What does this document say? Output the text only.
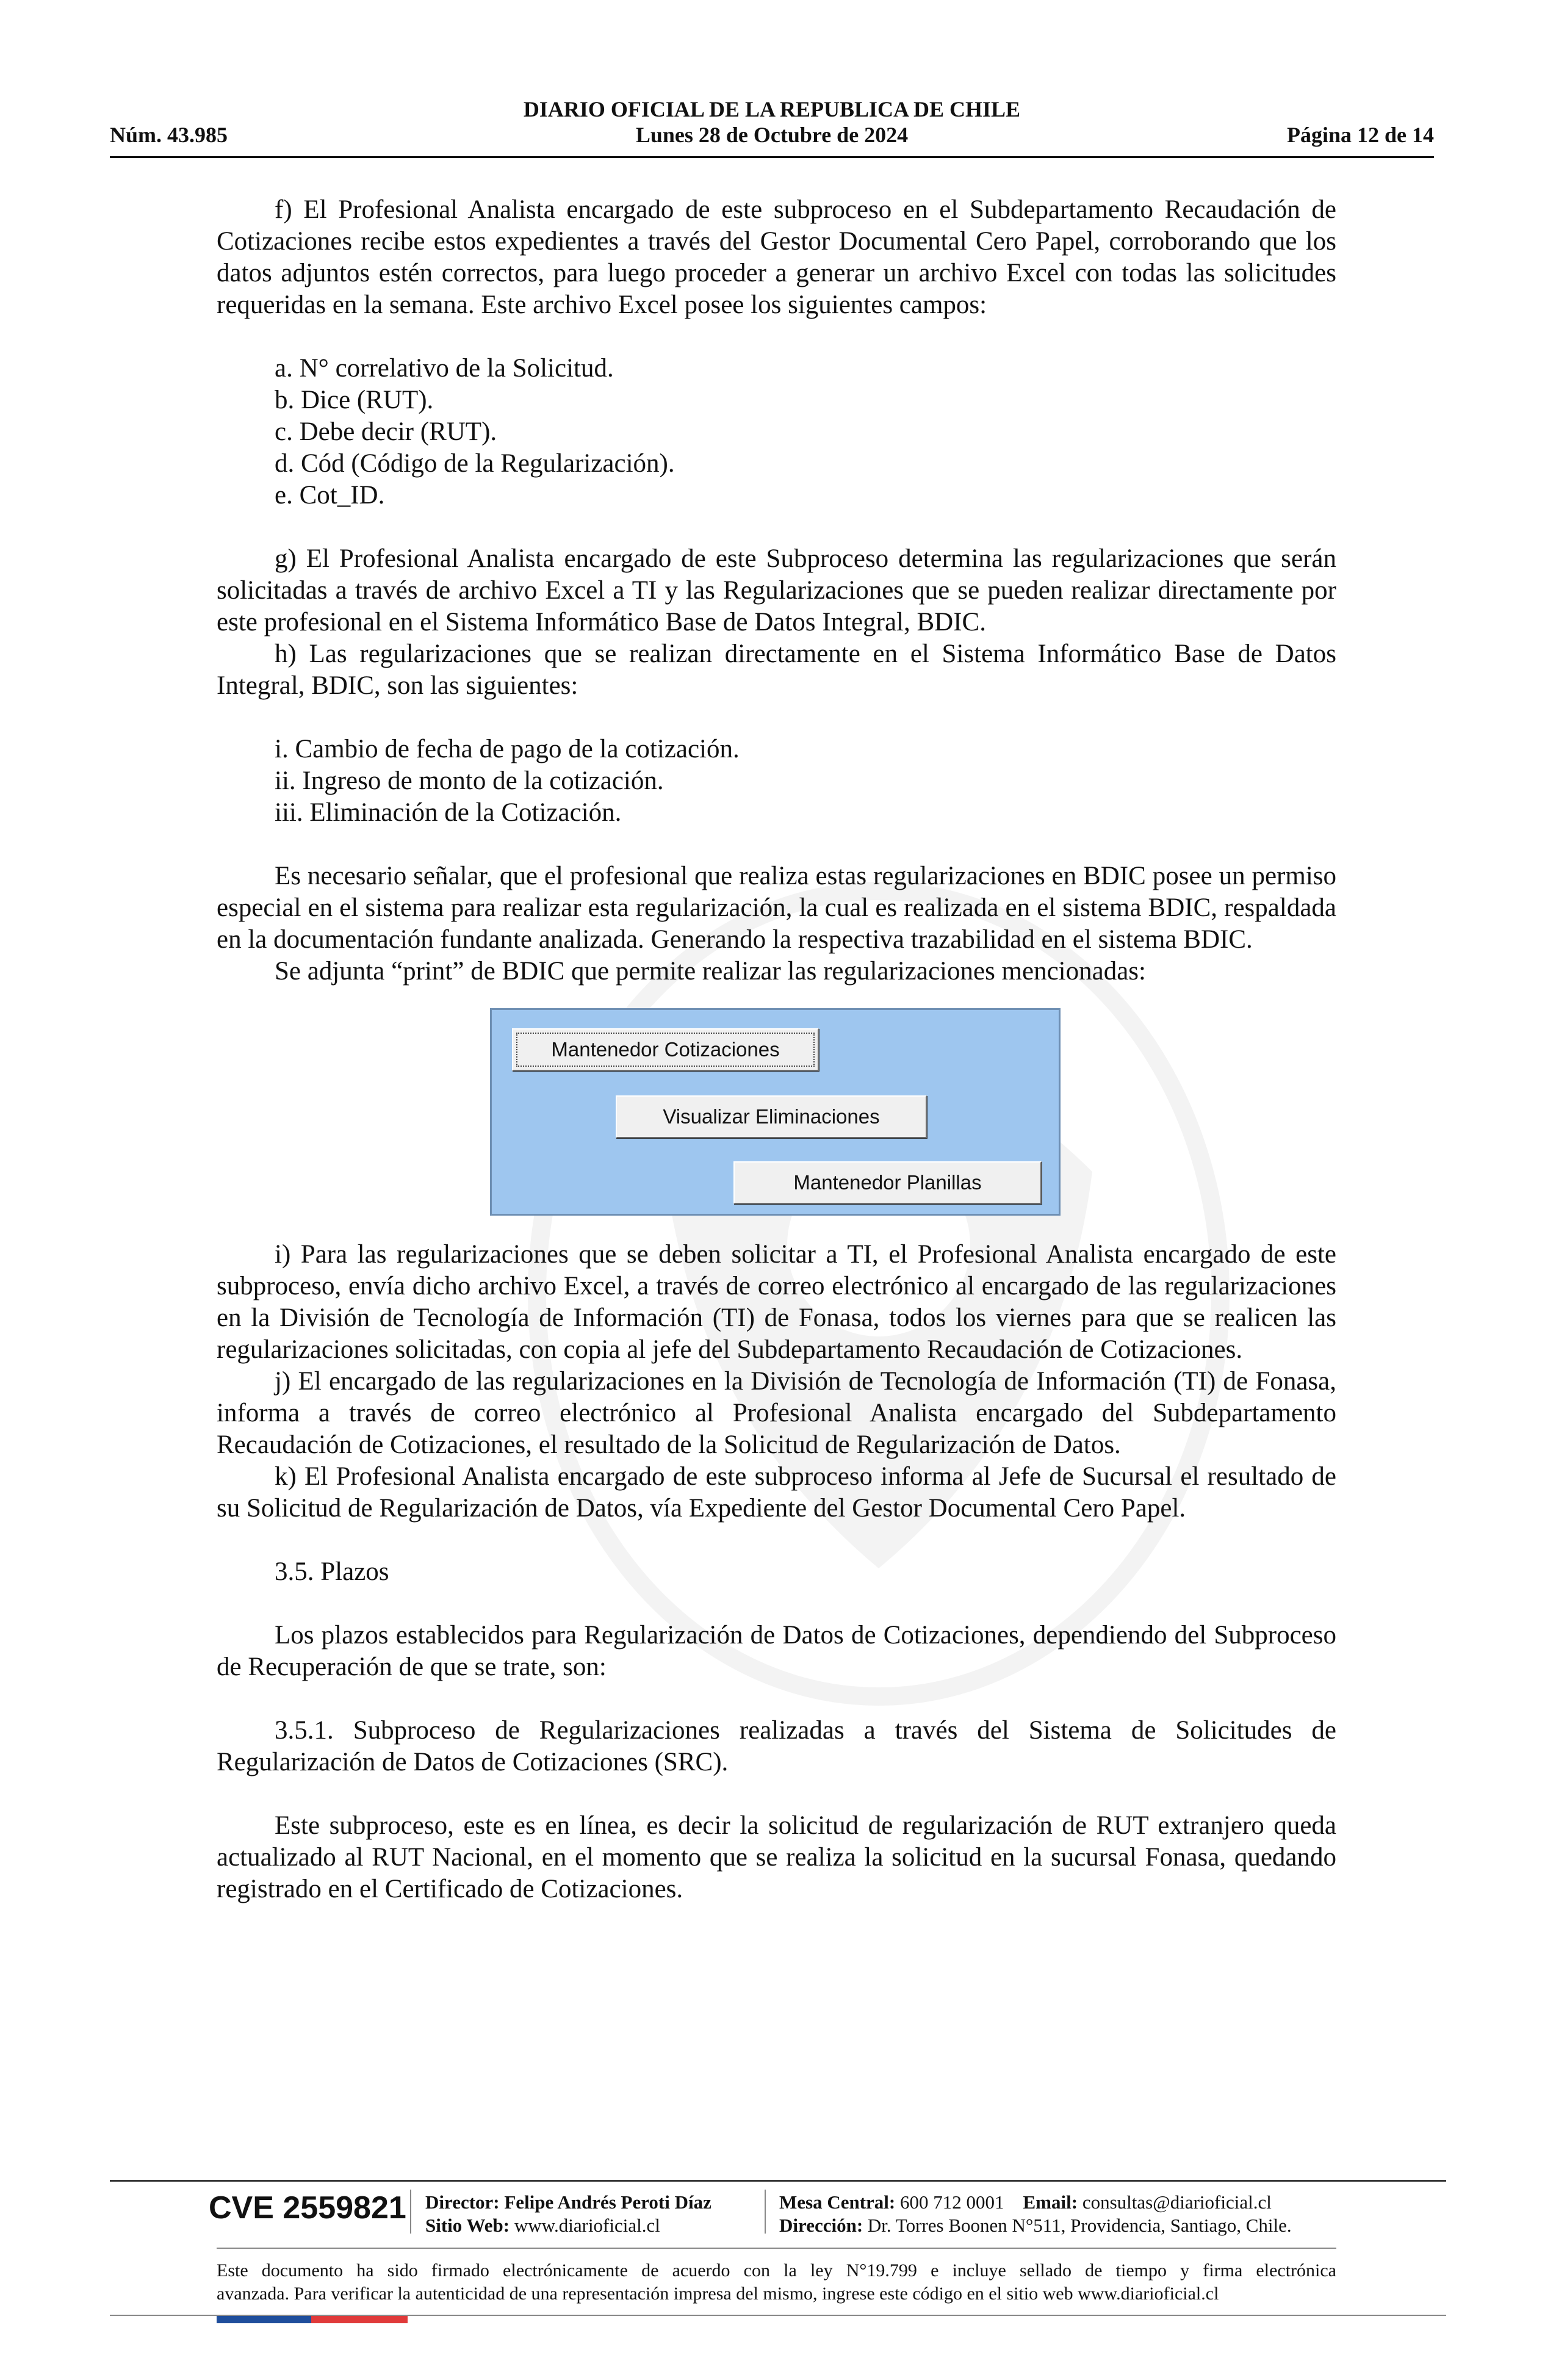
DIARIO OFICIAL DE LA REPUBLICA DE CHILE
Núm. 43.985	Lunes 28 de Octubre de 2024	Página 12 de 14

f) El Profesional Analista encargado de este subproceso en el Subdepartamento Recaudación de Cotizaciones recibe estos expedientes a través del Gestor Documental Cero Papel, corroborando que los datos adjuntos estén correctos, para luego proceder a generar un archivo Excel con todas las solicitudes requeridas en la semana. Este archivo Excel posee los siguientes campos:

a. N° correlativo de la Solicitud.

b. Dice (RUT).

c. Debe decir (RUT).

d. Cód (Código de la Regularización).

e. Cot_ID.

g) El Profesional Analista encargado de este Subproceso determina las regularizaciones que serán solicitadas a través de archivo Excel a TI y las Regularizaciones que se pueden realizar directamente por este profesional en el Sistema Informático Base de Datos Integral, BDIC.

h) Las regularizaciones que se realizan directamente en el Sistema Informático Base de Datos Integral, BDIC, son las siguientes:

i. Cambio de fecha de pago de la cotización.

ii. Ingreso de monto de la cotización.

iii. Eliminación de la Cotización.

Es necesario señalar, que el profesional que realiza estas regularizaciones en BDIC posee un permiso especial en el sistema para realizar esta regularización, la cual es realizada en el sistema BDIC, respaldada en la documentación fundante analizada. Generando la respectiva trazabilidad en el sistema BDIC.

Se adjunta “print” de BDIC que permite realizar las regularizaciones mencionadas:

Mantenedor Cotizaciones
Visualizar Eliminaciones
Mantenedor Planillas

i) Para las regularizaciones que se deben solicitar a TI, el Profesional Analista encargado de este subproceso, envía dicho archivo Excel, a través de correo electrónico al encargado de las regularizaciones en la División de Tecnología de Información (TI) de Fonasa, todos los viernes para que se realicen las regularizaciones solicitadas, con copia al jefe del Subdepartamento Recaudación de Cotizaciones.

j) El encargado de las regularizaciones en la División de Tecnología de Información (TI) de Fonasa, informa a través de correo electrónico al Profesional Analista encargado del Subdepartamento Recaudación de Cotizaciones, el resultado de la Solicitud de Regularización de Datos.

k) El Profesional Analista encargado de este subproceso informa al Jefe de Sucursal el resultado de su Solicitud de Regularización de Datos, vía Expediente del Gestor Documental Cero Papel.

3.5. Plazos

Los plazos establecidos para Regularización de Datos de Cotizaciones, dependiendo del Subproceso de Recuperación de que se trate, son:

3.5.1. Subproceso de Regularizaciones realizadas a través del Sistema de Solicitudes de Regularización de Datos de Cotizaciones (SRC).

Este subproceso, este es en línea, es decir la solicitud de regularización de RUT extranjero queda actualizado al RUT Nacional, en el momento que se realiza la solicitud en la sucursal Fonasa, quedando registrado en el Certificado de Cotizaciones.

CVE 2559821 Director: Felipe Andrés Peroti Díaz
Sitio Web: www.diarioficial.cl
Mesa Central: 600 712 0001 Email: consultas@diarioficial.cl
Dirección: Dr. Torres Boonen N°511, Providencia, Santiago, Chile.
Este documento ha sido firmado electrónicamente de acuerdo con la ley N°19.799 e incluye sellado de tiempo y firma electrónica
avanzada. Para verificar la autenticidad de una representación impresa del mismo, ingrese este código en el sitio web www.diarioficial.cl
